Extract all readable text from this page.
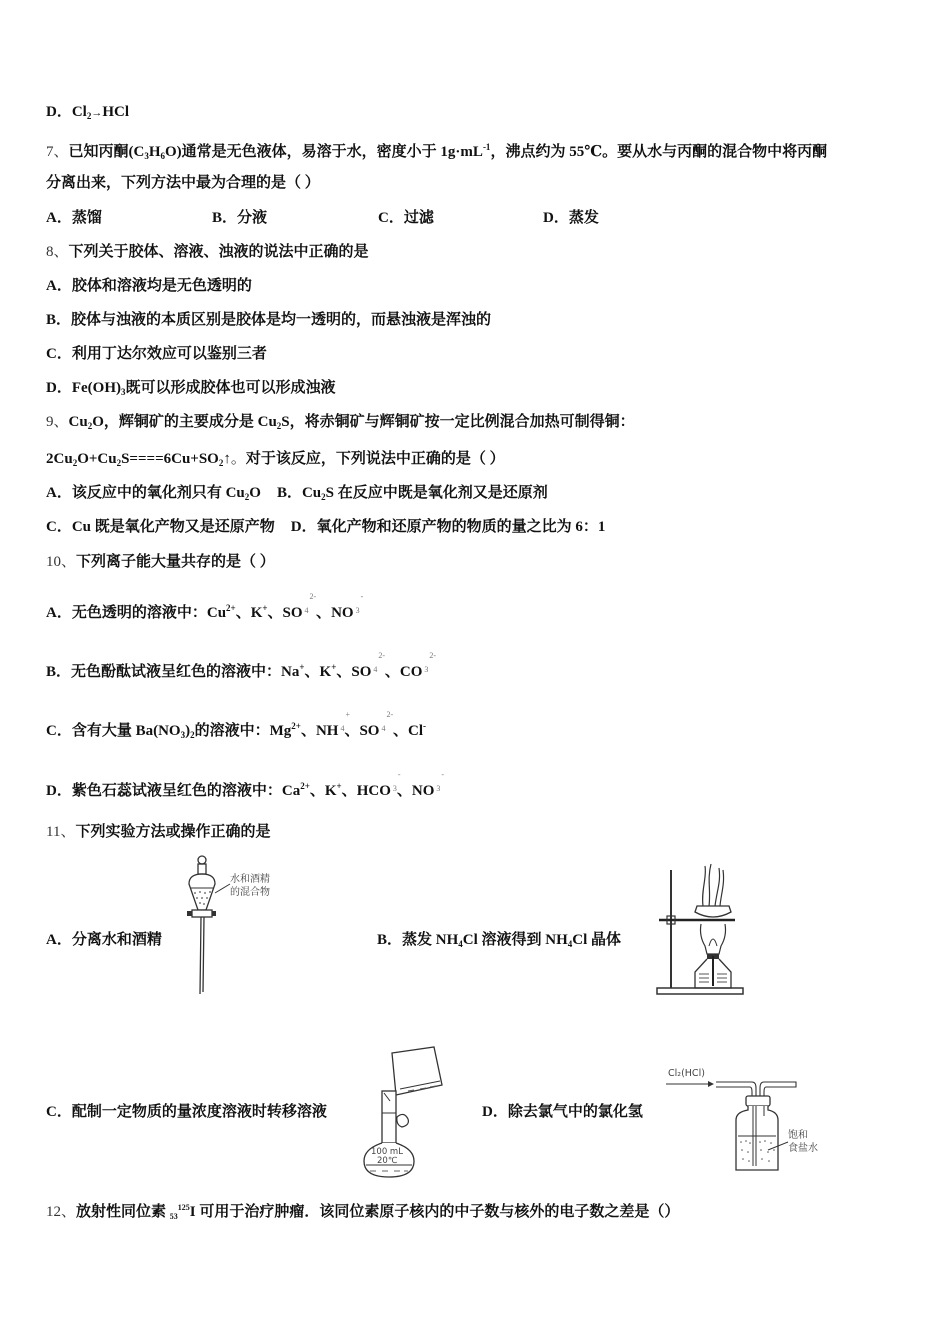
D．$Cl_2\to HCl$
7、已知丙酮$(C_3H_6O)$通常是无色液体，易溶于水，密度小于 $1g\cdot mL^{-1}$，沸点约为 55℃。要从水与丙酮的混合物中将丙酮
分离出来，下列方法中最为合理的是（ ）
A．蒸馏	B．分液	C．过滤	D．蒸发
8、下列关于胶体、溶液、浊液的说法中正确的是
A．胶体和溶液均是无色透明的
B．胶体与浊液的本质区别是胶体是均一透明的，而悬浊液是浑浊的
C．利用丁达尔效应可以鉴别三者
D．$Fe(OH)_3$既可以形成胶体也可以形成浊液
9、$Cu_2O$，辉铜矿的主要成分是 $Cu_2S$，将赤铜矿与辉铜矿按一定比例混合加热可制得铜：
$2Cu_2O+Cu_2S====6Cu+SO_2↑$。对于该反应，下列说法中正确的是（ ）
A．该反应中的氧化剂只有 $Cu_2O$ B．$Cu_2S$ 在反应中既是氧化剂又是还原剂
C．Cu 既是氧化产物又是还原产物 D．氧化产物和还原产物的物质的量之比为 6：1
10、下列离子能大量共存的是（ ）
A．无色透明的溶液中：$Cu^{2+}$、K+、SO
2-
$^4$ 、NO
-
$^3$
B．无色酚酞试液呈红色的溶液中：Na+、K+、SO
2-
$^4$ 、CO
2-
$^3$
C．含有大量 $Ba(NO_3)_2$的溶液中：$Mg^{2+}$、NH
+
$^4$、SO
2-
$^4$ 、Cl-
D．紫色石蕊试液呈红色的溶液中：$Ca^{2+}$、K+、HCO
-
$^3$、NO
-
$^3$
11、下列实验方法或操作正确的是
A．分离水和酒精
水和酒精
的混合物
B．蒸发 $NH_4Cl$ 溶液得到 $NH_4Cl$ 晶体
C．配制一定物质的量浓度溶液时转移溶液
100 mL
20℃
D．除去氯气中的氯化氢
Cl₂(HCl)
饱和
食盐水
12、放射性同位素 $_{53}^{125}$I 可用于治疗肿瘤．该同位素原子核内的中子数与核外的电子数之差是（）
